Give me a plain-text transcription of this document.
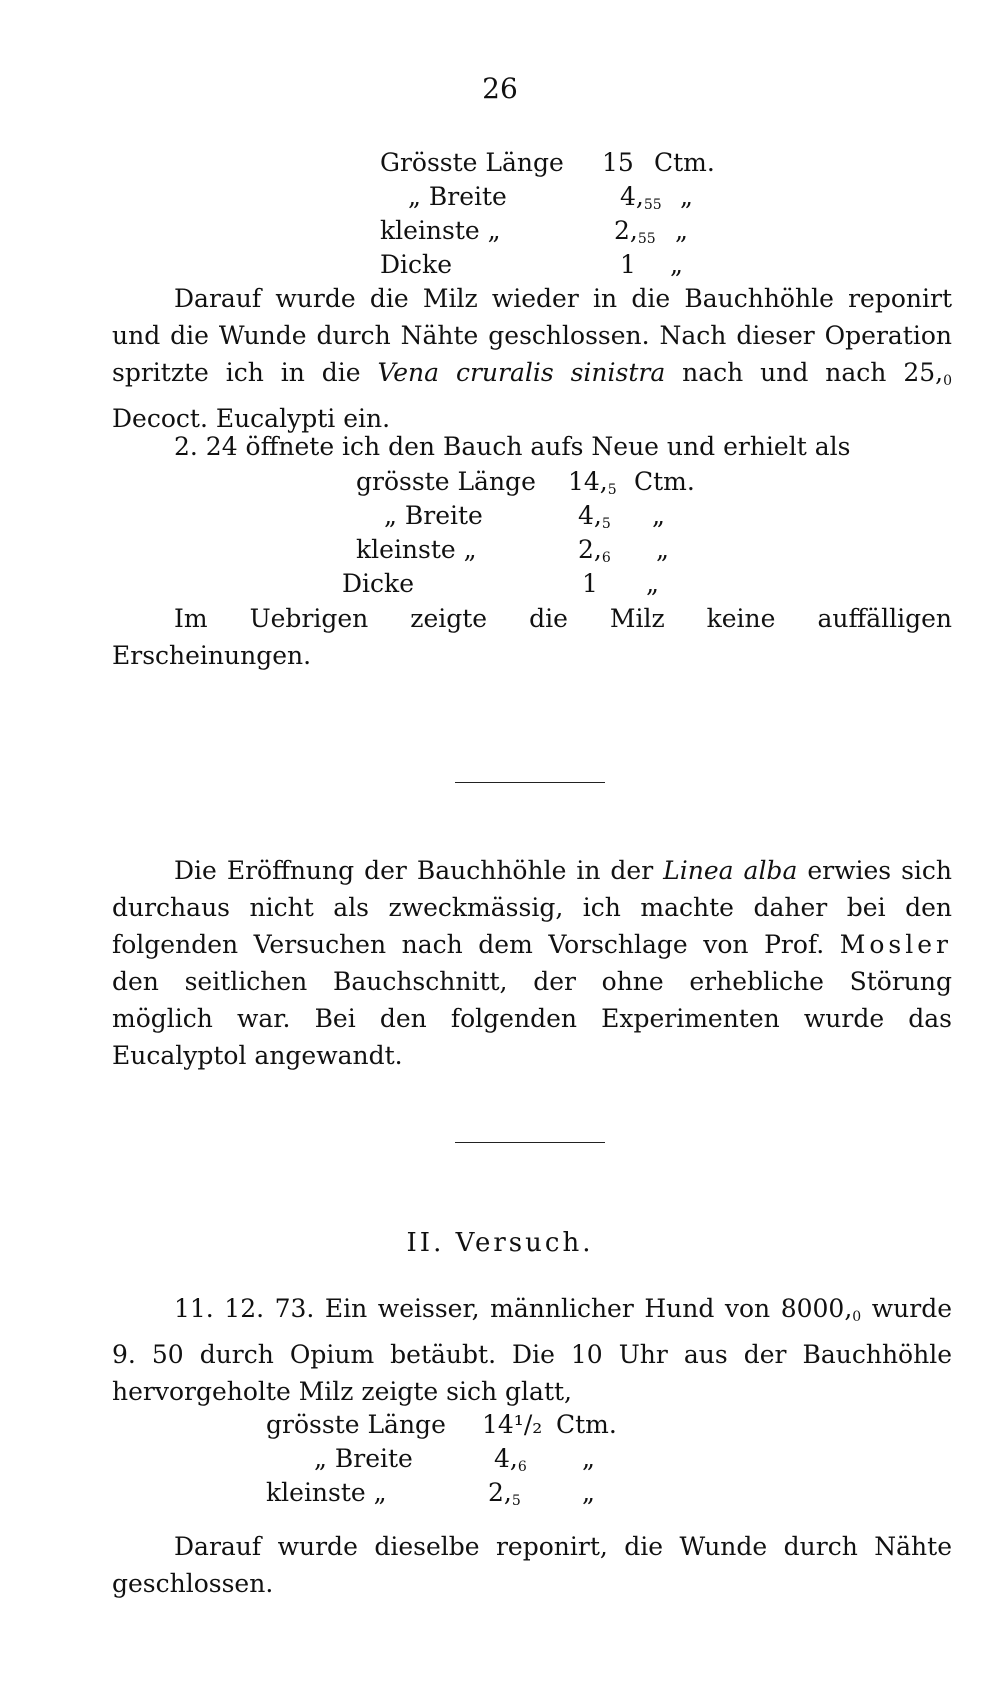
26
Grösste Länge 15 Ctm.
„ Breite	$4,_{55}$ „
kleinste „	$2,_{55}$ „
Dicke	1 „
Darauf wurde die Milz wieder in die Bauchhöhle reponirt und die Wunde durch Nähte geschlossen. Nach dieser Operation spritzte ich in die Vena cruralis sinistra nach und nach $25,_0$ Decoct. Eucalypti ein.
2. 24 öffnete ich den Bauch aufs Neue und erhielt als
grösste Länge $14,_5$ Ctm.
„ Breite	$4,_5$ „
kleinste „	$2,_6$ „
Dicke	1 „
Im Uebrigen zeigte die Milz keine auffälligen Erscheinungen.
Die Eröffnung der Bauchhöhle in der Linea alba erwies sich durchaus nicht als zweckmässig, ich machte daher bei den folgenden Versuchen nach dem Vorschlage von Prof. Mosler den seitlichen Bauchschnitt, der ohne erhebliche Störung möglich war. Bei den folgenden Experimenten wurde das Eucalyptol angewandt.
II. Versuch.
11. 12. 73. Ein weisser, männlicher Hund von $8000,_0$ wurde 9. 50 durch Opium betäubt. Die 10 Uhr aus der Bauchhöhle hervorgeholte Milz zeigte sich glatt,
grösste Länge 14¹/₂ Ctm.
„ Breite	$4,_6$ „
kleinste „	$2,_5$ „
Darauf wurde dieselbe reponirt, die Wunde durch Nähte geschlossen.
